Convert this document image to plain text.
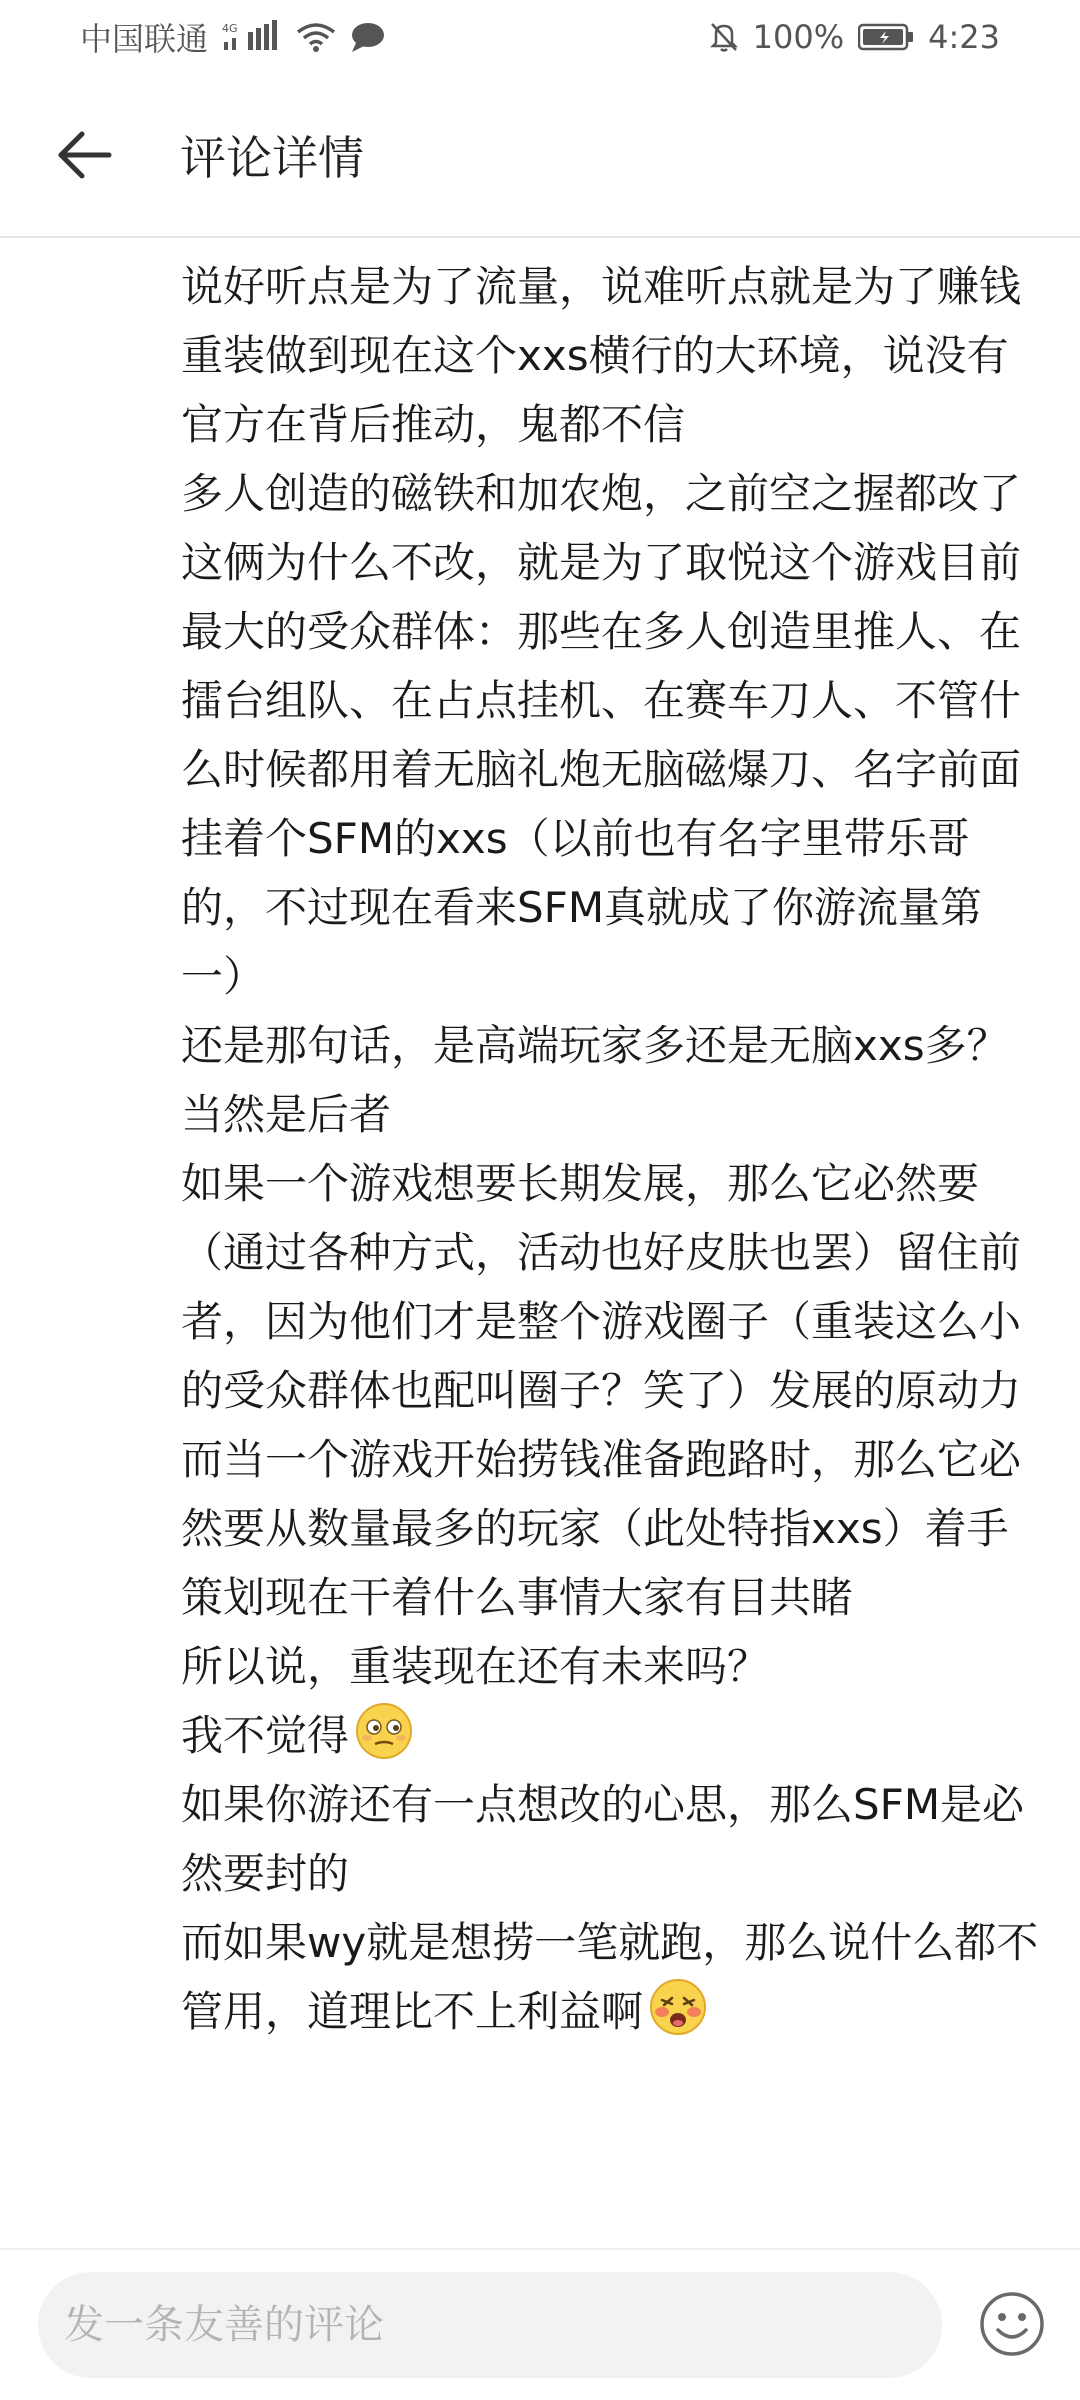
中国联通 4G	100%	4:23
评论详情

说好听点是为了流量，说难听点就是为了赚钱

重装做到现在这个xxs横行的大环境，说没有官方在背后推动，鬼都不信

多人创造的磁铁和加农炮，之前空之握都改了这俩为什么不改，就是为了取悦这个游戏目前最大的受众群体：那些在多人创造里推人、在擂台组队、在占点挂机、在赛车刀人、不管什么时候都用着无脑礼炮无脑磁爆刀、名字前面挂着个SFM的xxs（以前也有名字里带乐哥的，不过现在看来SFM真就成了你游流量第一）

还是那句话，是高端玩家多还是无脑xxs多？当然是后者

如果一个游戏想要长期发展，那么它必然要（通过各种方式，活动也好皮肤也罢）留住前者，因为他们才是整个游戏圈子（重装这么小的受众群体也配叫圈子？笑了）发展的原动力

而当一个游戏开始捞钱准备跑路时，那么它必然要从数量最多的玩家（此处特指xxs）着手

策划现在干着什么事情大家有目共睹

所以说，重装现在还有未来吗？

我不觉得

如果你游还有一点想改的心思，那么SFM是必然要封的

而如果wy就是想捞一笔就跑，那么说什么都不管用，道理比不上利益啊

发一条友善的评论
